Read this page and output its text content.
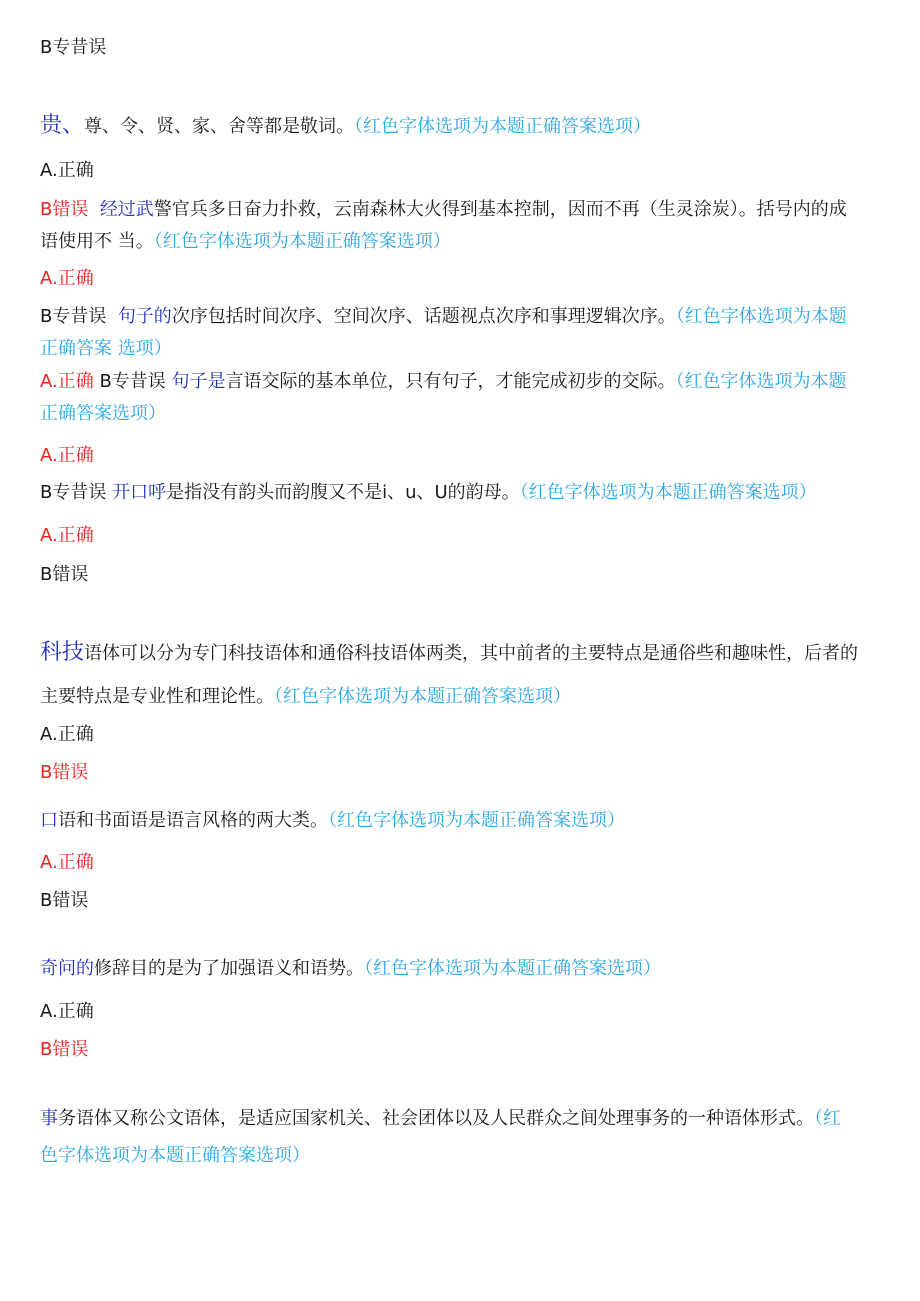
B专昔误
贵、尊、令、贤、家、舍等都是敬词。（红色字体选项为本题正确答案选项）
A.正确
B错误 经过武警官兵多日奋力扑救，云南森林大火得到基本控制，因而不再（生灵涂炭）。括号内的成
语使用不 当。（红色字体选项为本题正确答案选项）
A.正确
B专昔误 句子的次序包括时间次序、空间次序、话题视点次序和事理逻辑次序。（红色字体选项为本题
正确答案 选项）
A.正确 B专昔误 句子是言语交际的基本单位，只有句子，才能完成初步的交际。（红色字体选项为本题
正确答案选项）
A.正确
B专昔误 开口呼是指没有韵头而韵腹又不是i、u、U的韵母。（红色字体选项为本题正确答案选项）
A.正确
B错误
科技语体可以分为专门科技语体和通俗科技语体两类，其中前者的主要特点是通俗些和趣味性，后者的
主要特点是专业性和理论性。（红色字体选项为本题正确答案选项）
A.正确
B错误
口语和书面语是语言风格的两大类。（红色字体选项为本题正确答案选项）
A.正确
B错误
奇问的修辞目的是为了加强语义和语势。（红色字体选项为本题正确答案选项）
A.正确
B错误
事务语体又称公文语体，是适应国家机关、社会团体以及人民群众之间处理事务的一种语体形式。（红
色字体选项为本题正确答案选项）
